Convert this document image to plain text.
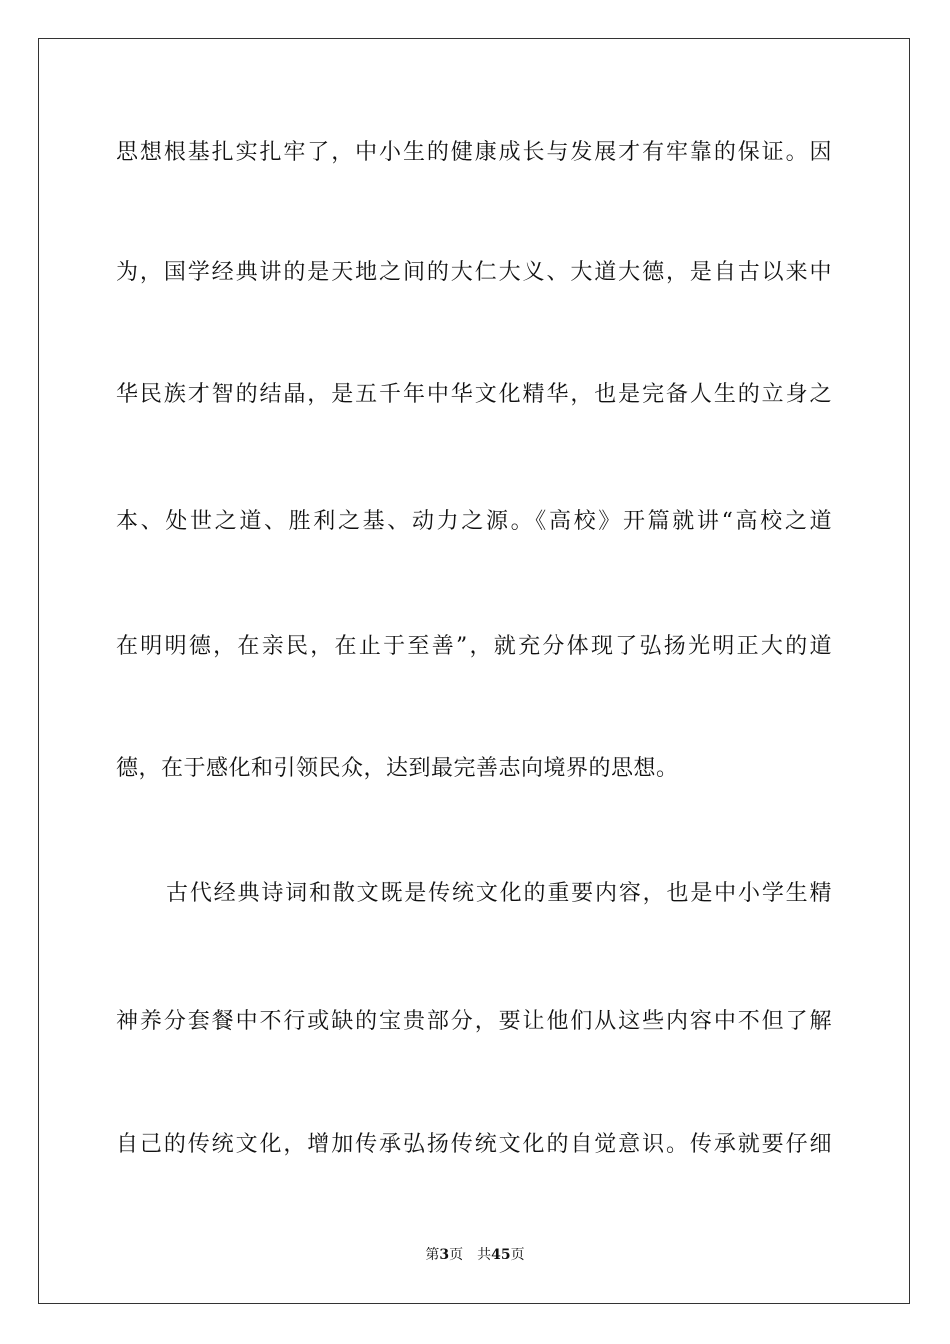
思想根基扎实扎牢了，中小生的健康成长与发展才有牢靠的保证。因
为，国学经典讲的是天地之间的大仁大义、大道大德，是自古以来中
华民族才智的结晶，是五千年中华文化精华，也是完备人生的立身之
本、处世之道、胜利之基、动力之源。《高校》开篇就讲“高校之道
在明明德，在亲民，在止于至善”，就充分体现了弘扬光明正大的道
德，在于感化和引领民众，达到最完善志向境界的思想。
古代经典诗词和散文既是传统文化的重要内容，也是中小学生精
神养分套餐中不行或缺的宝贵部分，要让他们从这些内容中不但了解
自己的传统文化，增加传承弘扬传统文化的自觉意识。传承就要仔细
第3页 共45页
